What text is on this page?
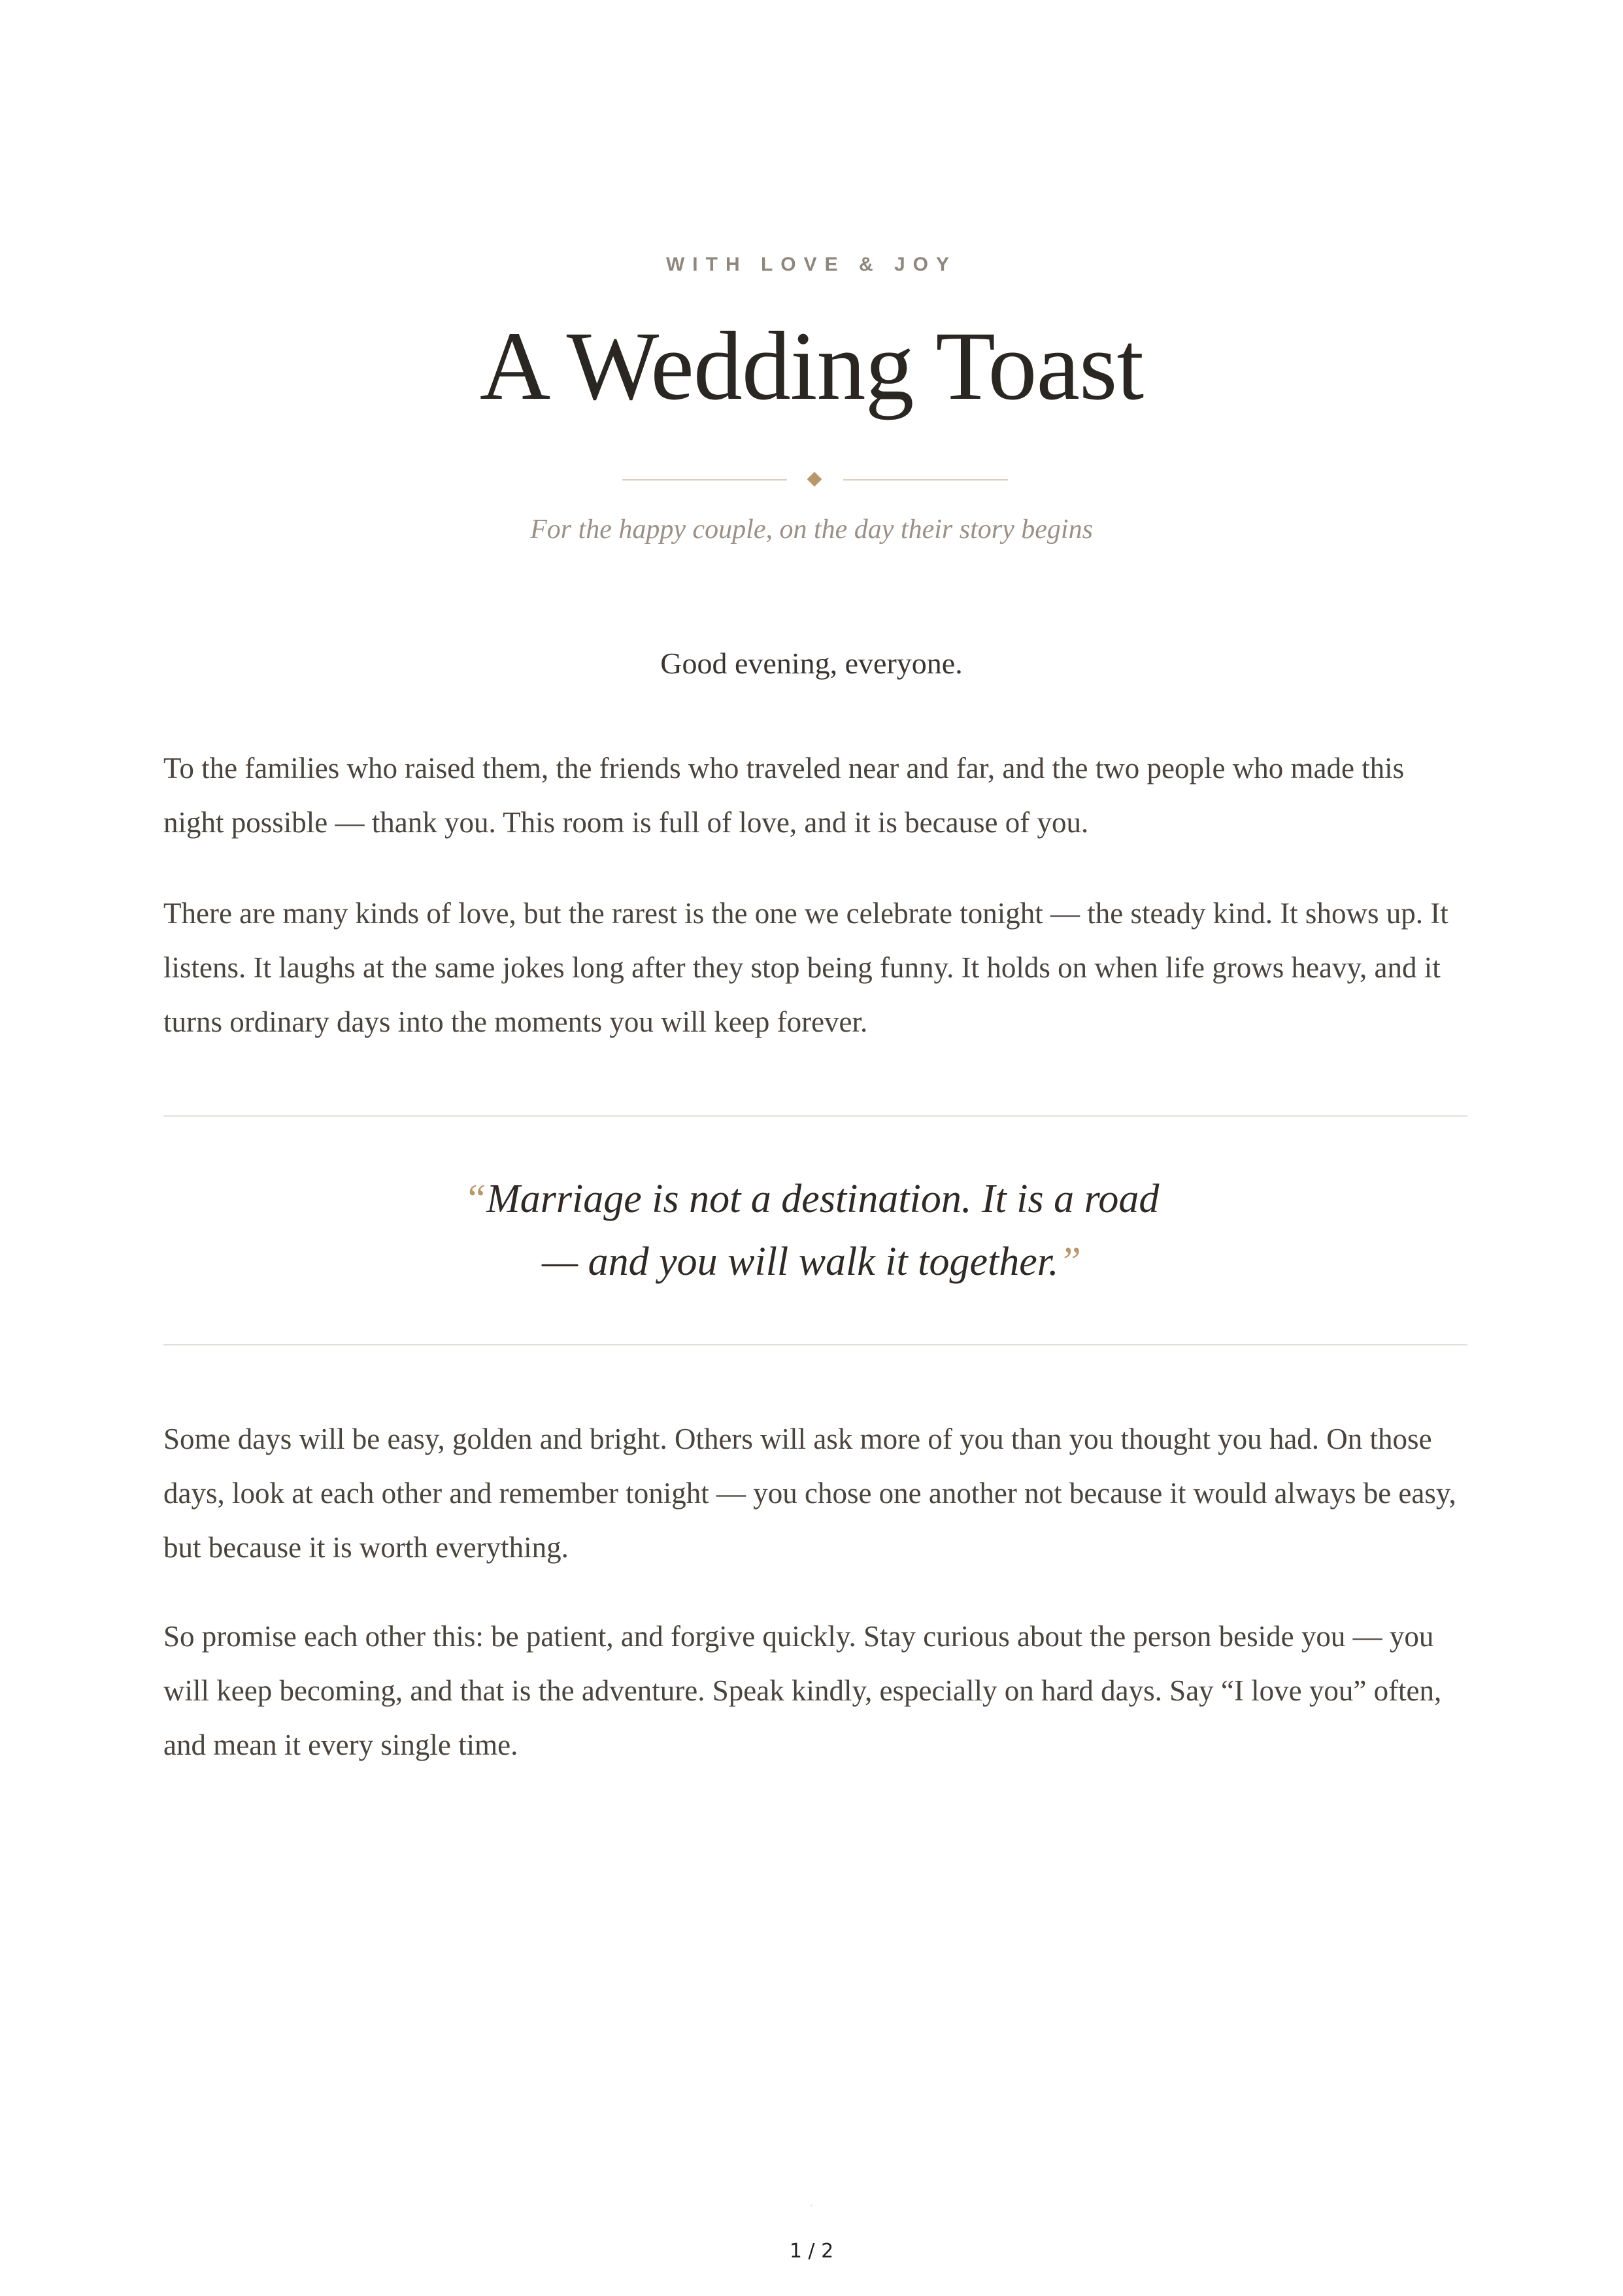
WITH LOVE & JOY
A Wedding Toast
For the happy couple, on the day their story begins
Good evening, everyone.

To the families who raised them, the friends who traveled near and far, and the two people who made this night possible — thank you. This room is full of love, and it is because of you.

There are many kinds of love, but the rarest is the one we celebrate tonight — the steady kind. It shows up. It listens. It laughs at the same jokes long after they stop being funny. It holds on when life grows heavy, and it turns ordinary days into the moments you will keep forever.

“Marriage is not a destination. It is a road — and you will walk it together.”

Some days will be easy, golden and bright. Others will ask more of you than you thought you had. On those days, look at each other and remember tonight — you chose one another not because it would always be easy, but because it is worth everything.

So promise each other this: be patient, and forgive quickly. Stay curious about the person beside you — you will keep becoming, and that is the adventure. Speak kindly, especially on hard days. Say “I love you” often, and mean it every single time.

1 / 2
